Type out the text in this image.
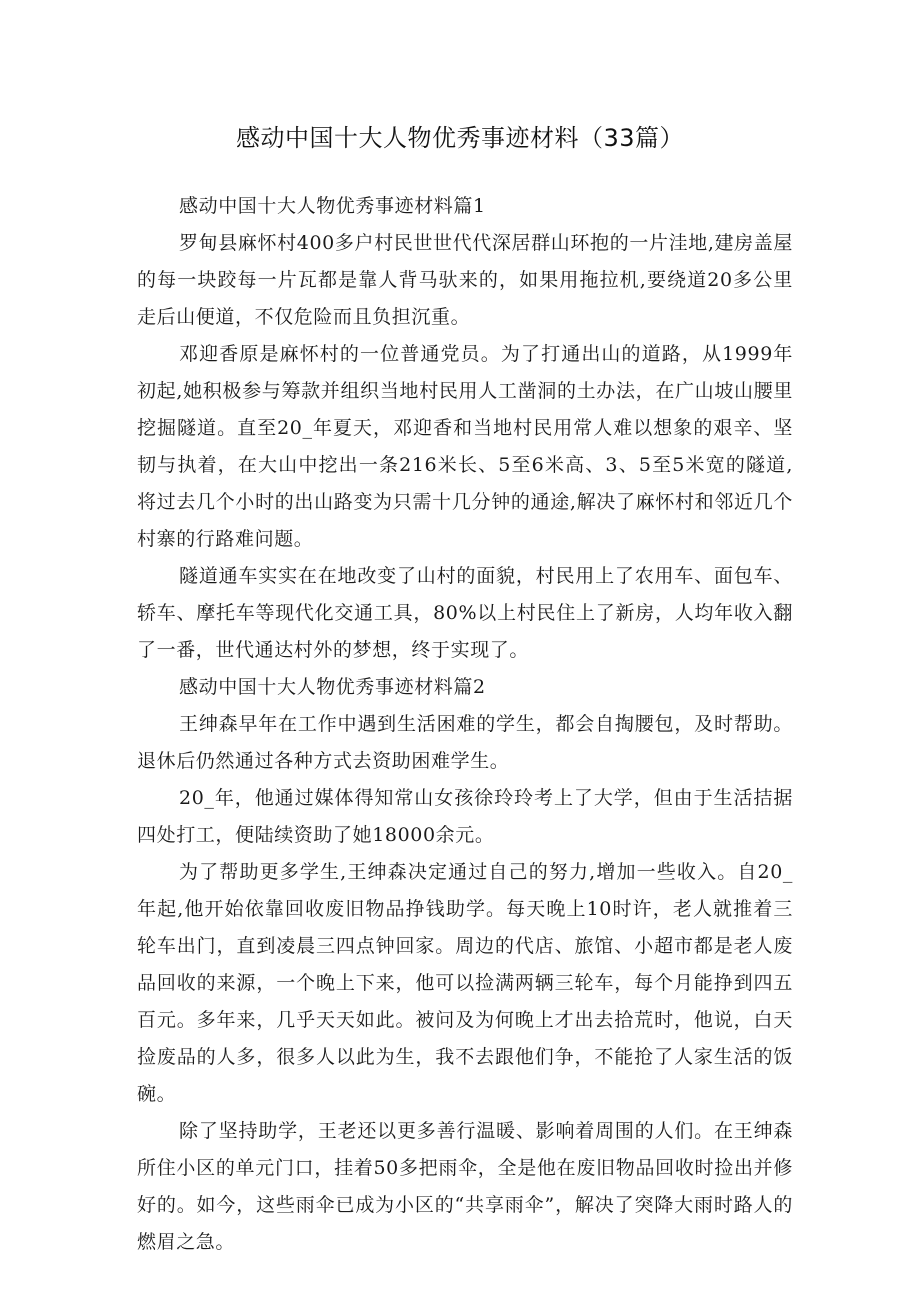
感动中国十大人物优秀事迹材料（33篇）

感动中国十大人物优秀事迹材料篇1

罗甸县麻怀村400多户村民世世代代深居群山环抱的一片洼地,建房盖屋的每一块跤每一片瓦都是靠人背马驮来的，如果用拖拉机,要绕道20多公里走后山便道，不仅危险而且负担沉重。

邓迎香原是麻怀村的一位普通党员。为了打通出山的道路，从1999年初起,她积极参与筹款并组织当地村民用人工凿洞的土办法，在广山坡山腰里挖掘隧道。直至20_年夏天，邓迎香和当地村民用常人难以想象的艰辛、坚韧与执着，在大山中挖出一条216米长、5至6米高、3、5至5米宽的隧道,将过去几个小时的出山路变为只需十几分钟的通途,解决了麻怀村和邻近几个村寨的行路难问题。

隧道通车实实在在地改变了山村的面貌，村民用上了农用车、面包车、轿车、摩托车等现代化交通工具，80%以上村民住上了新房，人均年收入翻了一番，世代通达村外的梦想，终于实现了。

感动中国十大人物优秀事迹材料篇2

王绅森早年在工作中遇到生活困难的学生，都会自掏腰包，及时帮助。退休后仍然通过各种方式去资助困难学生。

20_年，他通过媒体得知常山女孩徐玲玲考上了大学，但由于生活拮据四处打工，便陆续资助了她18000余元。

为了帮助更多学生,王绅森决定通过自己的努力,增加一些收入。自20_年起,他开始依靠回收废旧物品挣钱助学。每天晚上10时许，老人就推着三轮车出门，直到凌晨三四点钟回家。周边的代店、旅馆、小超市都是老人废品回收的来源，一个晚上下来，他可以捡满两辆三轮车，每个月能挣到四五百元。多年来，几乎天天如此。被问及为何晚上才出去拾荒时，他说，白天捡废品的人多，很多人以此为生，我不去跟他们争，不能抢了人家生活的饭碗。

除了坚持助学，王老还以更多善行温暖、影响着周围的人们。在王绅森所住小区的单元门口，挂着50多把雨伞，全是他在废旧物品回收时捡出并修好的。如今，这些雨伞已成为小区的“共享雨伞”，解决了突降大雨时路人的燃眉之急。
